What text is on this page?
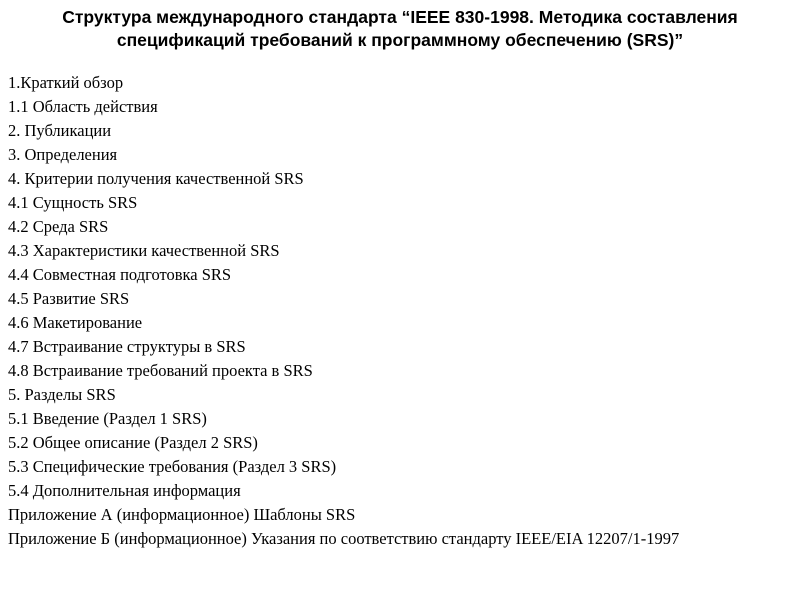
Структура международного стандарта “IEEE 830-1998. Методика составления
спецификаций требований к программному обеспечению (SRS)”
1.Краткий обзор
1.1 Область действия
2. Публикации
3. Определения
4. Критерии получения качественной SRS
4.1 Сущность SRS
4.2 Среда SRS
4.3 Характеристики качественной SRS
4.4 Совместная подготовка SRS
4.5 Развитие SRS
4.6 Макетирование
4.7 Встраивание структуры в SRS
4.8 Встраивание требований проекта в SRS
5. Разделы SRS
5.1 Введение (Раздел 1 SRS)
5.2 Общее описание (Раздел 2 SRS)
5.3 Специфические требования (Раздел 3 SRS)
5.4 Дополнительная информация
Приложение А (информационное) Шаблоны SRS
Приложение Б (информационное) Указания по соответствию стандарту IEEE/EIA 12207/1-1997
